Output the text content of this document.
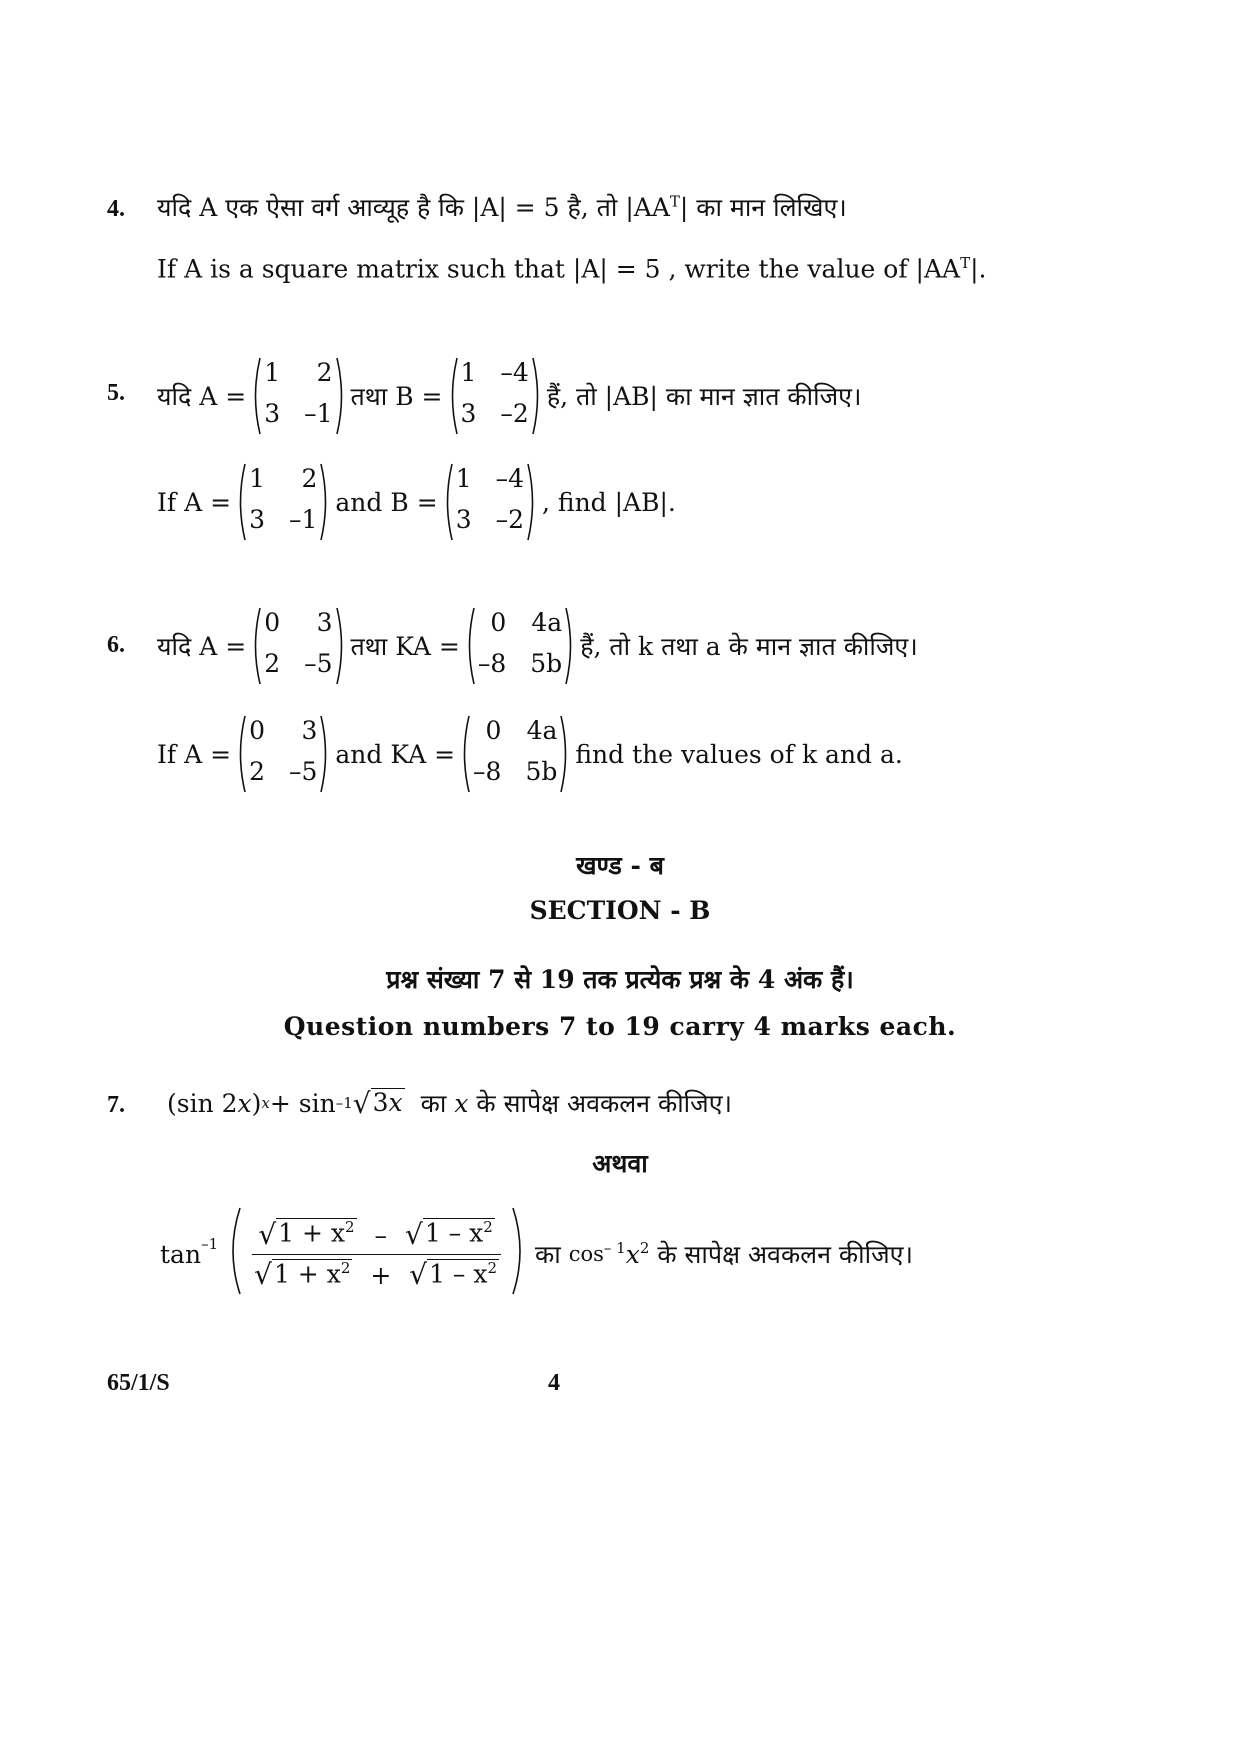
4. यदि A एक ऐसा वर्ग आव्यूह है कि |A| = 5 है, तो $|AA^T|$ का मान लिखिए।
If A is a square matrix such that |A| = 5 , write the value of $|AA^T|$.
5. यदि A =
1	2
3 –1
तथा B =
1 –4
3 –2
हैं, तो |AB| का मान ज्ञात कीजिए।
If A =
1	2
3 –1
and B =
1 –4
3 –2
, find |AB|.
6. यदि A =
0	3
2 –5
तथा KA =
0 4a
–8 5b
हैं, तो k तथा a के मान ज्ञात कीजिए।
If A =
0	3
2 –5
and KA =
0 4a
–8 5b
find the values of k and a.
खण्ड - ब
SECTION - B
प्रश्न संख्या 7 से 19 तक प्रत्येक प्रश्न के 4 अंक हैं।
Question numbers 7 to 19 carry 4 marks each.
7. (sin 2 x ) x + sin –1 √ 3x का x के सापेक्ष अवकलन कीजिए।
अथवा
$\tan^{-1} \frac{√ 1 + x^2 - √ 1 - x^2}{√ 1 + x^2 + √ 1 - x^2}$ का $\cos^{- 1} x^2$ के सापेक्ष अवकलन कीजिए।
65/1/S	4
